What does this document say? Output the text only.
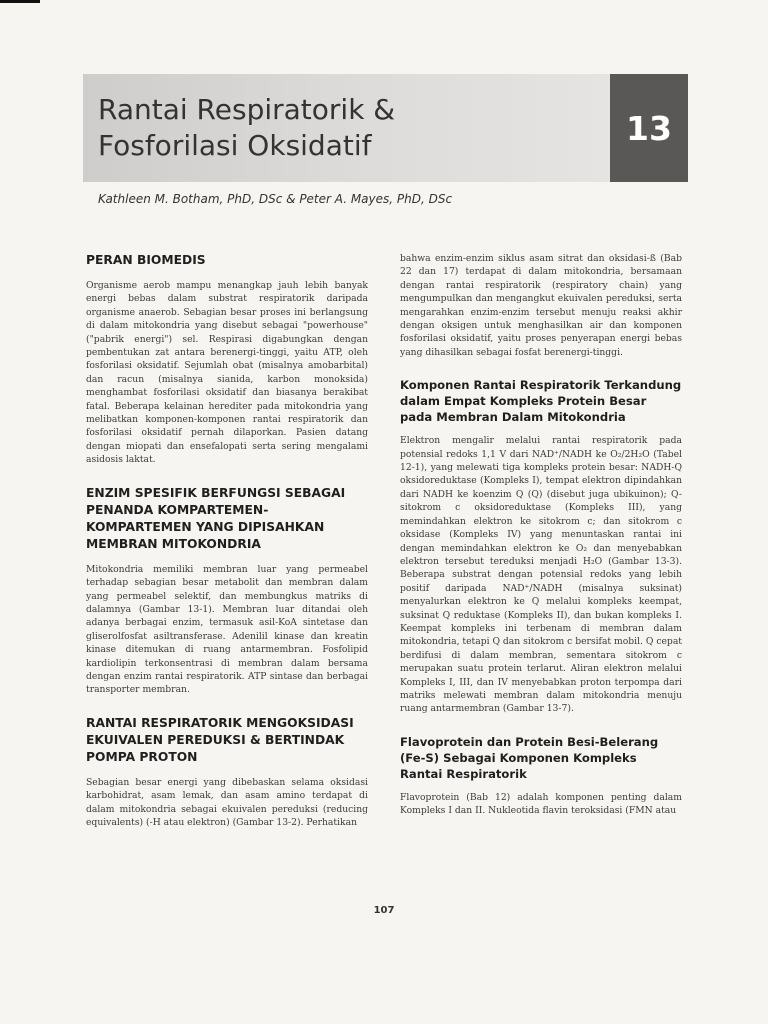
13
Rantai Respiratorik &
Fosforilasi Oksidatif

Kathleen M. Botham, PhD, DSc & Peter A. Mayes, PhD, DSc

PERAN BIOMEDIS

Organisme aerob mampu menangkap jauh lebih banyak energi bebas dalam substrat respiratorik daripada organisme anaerob. Sebagian besar proses ini berlangsung di dalam mitokondria yang disebut sebagai "powerhouse" ("pabrik energi") sel. Respirasi digabungkan dengan pembentukan zat antara berenergi-tinggi, yaitu ATP, oleh fosforilasi oksidatif. Sejumlah obat (misalnya amobarbital) dan racun (misalnya sianida, karbon monoksida) menghambat fosforilasi oksidatif dan biasanya berakibat fatal. Beberapa kelainan herediter pada mitokondria yang melibatkan komponen-komponen rantai respiratorik dan fosforilasi oksidatif pernah dilaporkan. Pasien datang dengan miopati dan ensefalopati serta sering mengalami asidosis laktat.

ENZIM SPESIFIK BERFUNGSI SEBAGAI PENANDA KOMPARTEMEN-KOMPARTEMEN YANG DIPISAHKAN MEMBRAN MITOKONDRIA

Mitokondria memiliki membran luar yang permeabel terhadap sebagian besar metabolit dan membran dalam yang permeabel selektif, dan membungkus matriks di dalamnya (Gambar 13-1). Membran luar ditandai oleh adanya berbagai enzim, termasuk asil-KoA sintetase dan gliserolfosfat asiltransferase. Adenilil kinase dan kreatin kinase ditemukan di ruang antarmembran. Fosfolipid kardiolipin terkonsentrasi di membran dalam bersama dengan enzim rantai respiratorik. ATP sintase dan berbagai transporter membran.

RANTAI RESPIRATORIK MENGOKSIDASI EKUIVALEN PEREDUKSI & BERTINDAK POMPA PROTON

Sebagian besar energi yang dibebaskan selama oksidasi karbohidrat, asam lemak, dan asam amino terdapat di dalam mitokondria sebagai ekuivalen pereduksi (reducing equivalents) (-H atau elektron) (Gambar 13-2). Perhatikan

bahwa enzim-enzim siklus asam sitrat dan oksidasi-ß (Bab 22 dan 17) terdapat di dalam mitokondria, bersamaan dengan rantai respiratorik (respiratory chain) yang mengumpulkan dan mengangkut ekuivalen pereduksi, serta mengarahkan enzim-enzim tersebut menuju reaksi akhir dengan oksigen untuk menghasilkan air dan komponen fosforilasi oksidatif, yaitu proses penyerapan energi bebas yang dihasilkan sebagai fosfat berenergi-tinggi.

Komponen Rantai Respiratorik Terkandung dalam Empat Kompleks Protein Besar pada Membran Dalam Mitokondria

Elektron mengalir melalui rantai respiratorik pada potensial redoks 1,1 V dari NAD⁺/NADH ke O₂/2H₂O (Tabel 12-1), yang melewati tiga kompleks protein besar: NADH-Q oksidoreduktase (Kompleks I), tempat elektron dipindahkan dari NADH ke koenzim Q (Q) (disebut juga ubikuinon); Q-sitokrom c oksidoreduktase (Kompleks III), yang memindahkan elektron ke sitokrom c; dan sitokrom c oksidase (Kompleks IV) yang menuntaskan rantai ini dengan memindahkan elektron ke O₂ dan menyebabkan elektron tersebut tereduksi menjadi H₂O (Gambar 13-3). Beberapa substrat dengan potensial redoks yang lebih positif daripada NAD⁺/NADH (misalnya suksinat) menyalurkan elektron ke Q melalui kompleks keempat, suksinat Q reduktase (Kompleks II), dan bukan kompleks I. Keempat kompleks ini terbenam di membran dalam mitokondria, tetapi Q dan sitokrom c bersifat mobil. Q cepat berdifusi di dalam membran, sementara sitokrom c merupakan suatu protein terlarut. Aliran elektron melalui Kompleks I, III, dan IV menyebabkan proton terpompa dari matriks melewati membran dalam mitokondria menuju ruang antarmembran (Gambar 13-7).

Flavoprotein dan Protein Besi-Belerang (Fe-S) Sebagai Komponen Kompleks Rantai Respiratorik

Flavoprotein (Bab 12) adalah komponen penting dalam Kompleks I dan II. Nukleotida flavin teroksidasi (FMN atau

107
